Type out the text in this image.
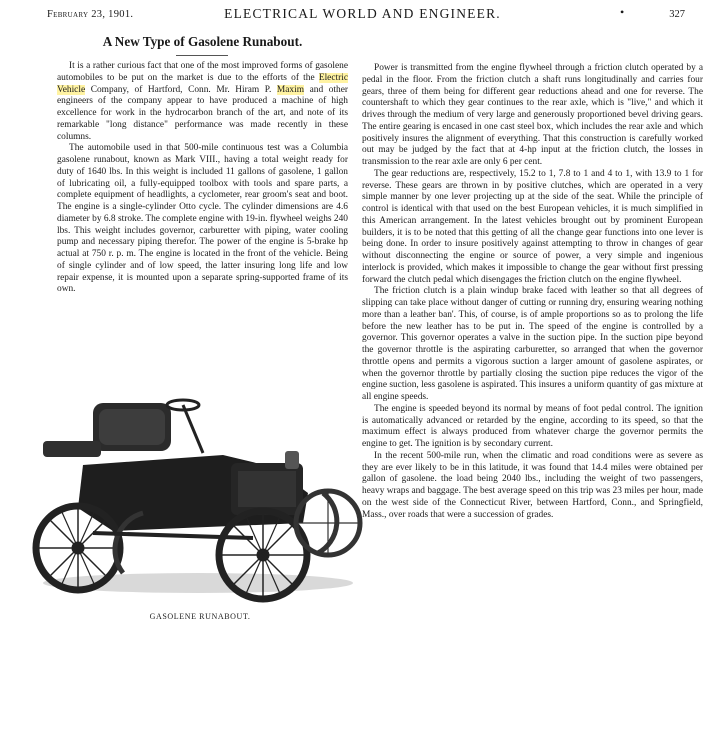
February 23, 1901.	ELECTRICAL WORLD AND ENGINEER.	•	327
A New Type of Gasolene Runabout.

It is a rather curious fact that one of the most improved forms of gasolene automobiles to be put on the market is due to the efforts of the Electric Vehicle Company, of Hartford, Conn. Mr. Hiram P. Maxim and other engineers of the company appear to have produced a machine of high excellence for work in the hydrocarbon branch of the art, and note of its remarkable "long distance" performance was made recently in these columns.

The automobile used in that 500-mile continuous test was a Columbia gasolene runabout, known as Mark VIII., having a total weight ready for duty of 1640 lbs. In this weight is included 11 gallons of gasolene, 1 gallon of lubricating oil, a fully-equipped toolbox with tools and spare parts, a complete equipment of headlights, a cyclometer, rear groom's seat and boot. The engine is a single-cylinder Otto cycle. The cylinder dimensions are 4.6 diameter by 6.8 stroke. The complete engine with 19-in. flywheel weighs 240 lbs. This weight includes governor, carburetter with piping, water cooling pump and necessary piping therefor. The power of the engine is 5-brake hp actual at 750 r. p. m. The engine is located in the front of the vehicle. Being of single cylinder and of low speed, the latter insuring long life and low repair expense, it is mounted upon a separate spring-supported frame of its own.

GASOLENE RUNABOUT.

Power is transmitted from the engine flywheel through a friction clutch operated by a pedal in the floor. From the friction clutch a shaft runs longitudinally and carries four gears, three of them being for different gear reductions ahead and one for reverse. The countershaft to which they gear continues to the rear axle, which is "live," and which it drives through the medium of very large and generously proportioned bevel driving gears. The entire gearing is encased in one cast steel box, which includes the rear axle and which positively insures the alignment of everything. That this construction is carefully worked out may be judged by the fact that at 4-hp input at the friction clutch, the losses in transmission to the rear axle are only 6 per cent.

The gear reductions are, respectively, 15.2 to 1, 7.8 to 1 and 4 to 1, with 13.9 to 1 for reverse. These gears are thrown in by positive clutches, which are operated in a very simple manner by one lever projecting up at the side of the seat. While the principle of control is identical with that used on the best European vehicles, it is much simplified in this American arrangement. In the latest vehicles brought out by prominent European builders, it is to be noted that this getting of all the change gear functions into one lever is being done. In order to insure positively against attempting to throw in changes of gear without disconnecting the engine or source of power, a very simple and ingenious interlock is provided, which makes it impossible to change the gear without first pressing forward the clutch pedal which disengages the friction clutch on the engine flywheel.

The friction clutch is a plain windup brake faced with leather so that all degrees of slipping can take place without danger of cutting or running dry, ensuring wearing nothing more than a leather ban'. This, of course, is of ample proportions so as to prolong the life before the new leather has to be put in. The speed of the engine is controlled by a governor. This governor operates a valve in the suction pipe. In the suction pipe beyond the governor throttle is the aspirating carburetter, so arranged that when the governor throttle opens and permits a vigorous suction a larger amount of gasolene aspirates, or when the governor throttle by partially closing the suction pipe reduces the vigor of the engine suction, less gasolene is aspirated. This insures a uniform quantity of gas mixture at all engine speeds.

The engine is speeded beyond its normal by means of foot pedal control. The ignition is automatically advanced or retarded by the engine, according to its speed, so that the maximum effect is always produced from whatever charge the governor permits the engine to get. The ignition is by secondary current.

In the recent 500-mile run, when the climatic and road conditions were as severe as they are ever likely to be in this latitude, it was found that 14.4 miles were obtained per gallon of gasolene. the load being 2040 lbs., including the weight of two passengers, heavy wraps and baggage. The best average speed on this trip was 23 miles per hour, made on the west side of the Connecticut River, between Hartford, Conn., and Springfield, Mass., over roads that were a succession of grades.
